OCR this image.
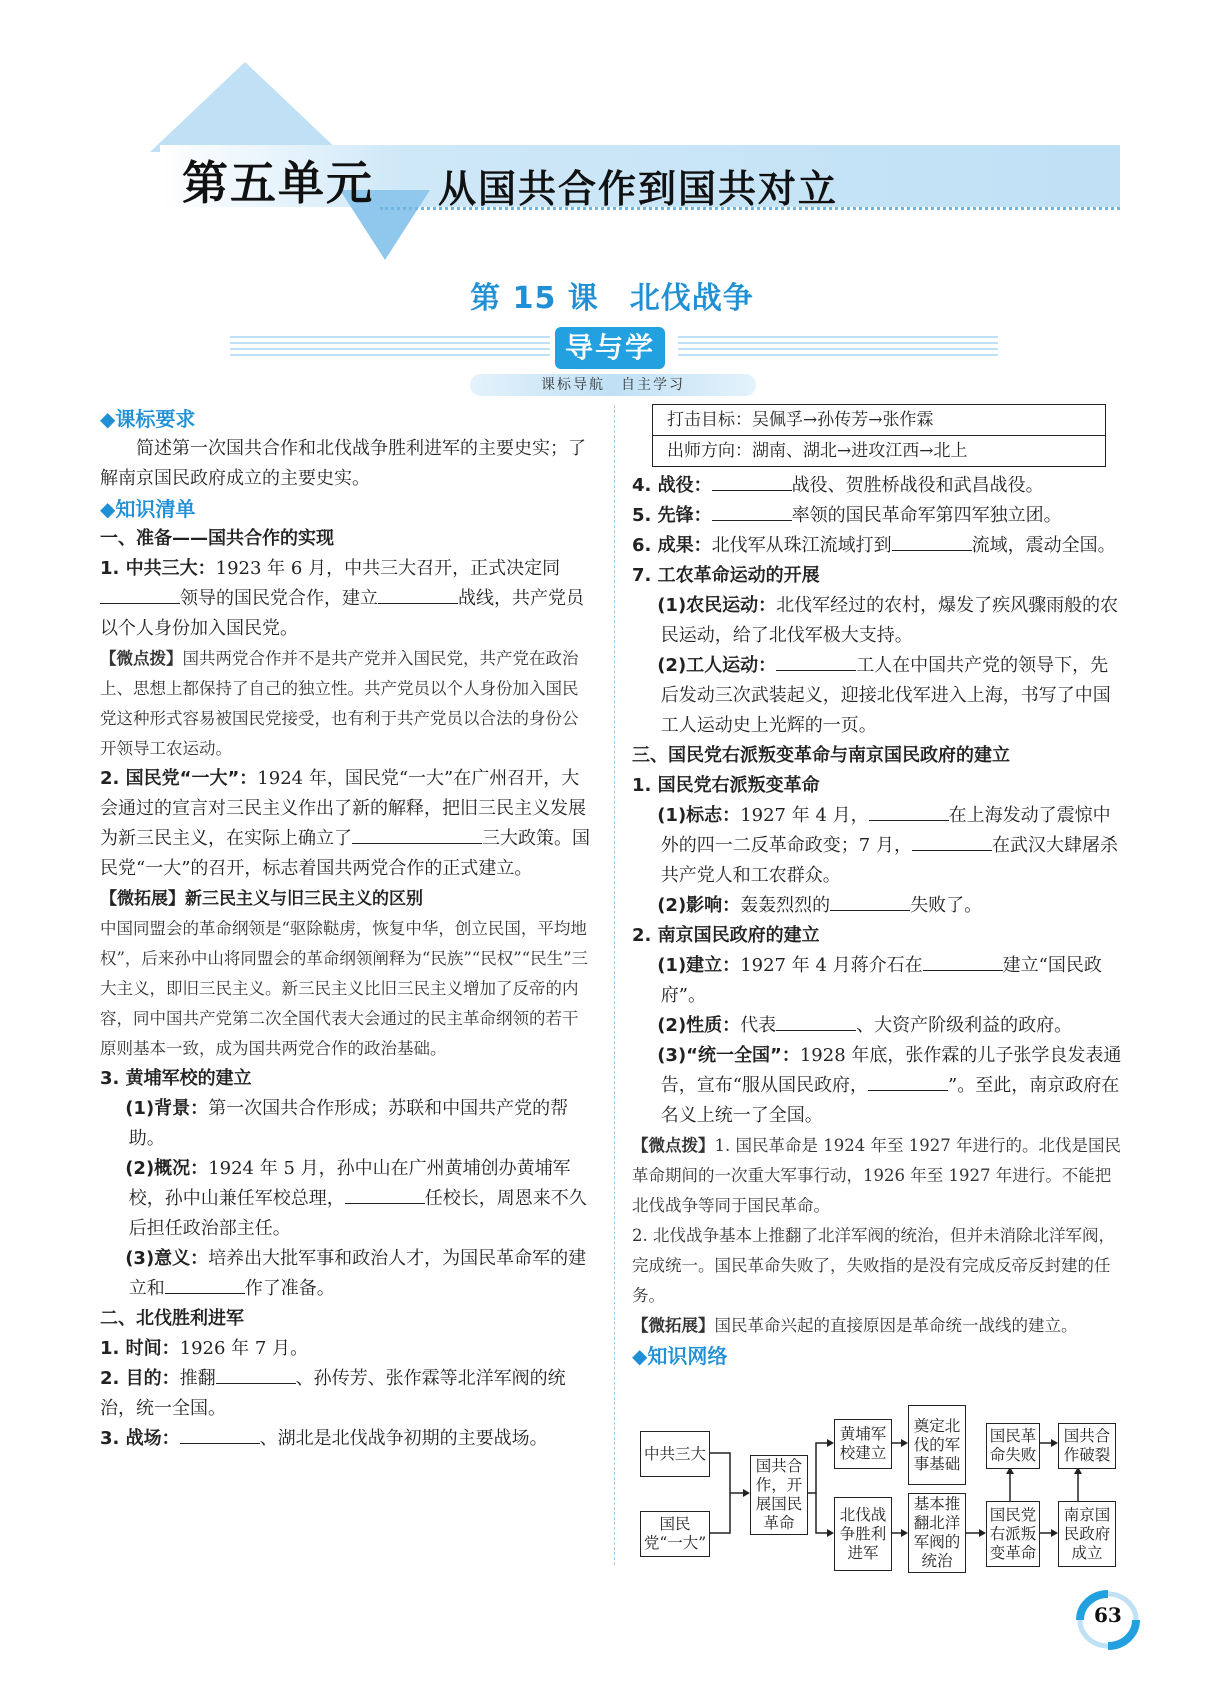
第五单元 从国共合作到国共对立
第 15 课　北伐战争
导与学
课标导航　自主学习
◆课标要求

简述第一次国共合作和北伐战争胜利进军的主要史实；了解南京国民政府成立的主要史实。

◆知识清单
一、准备——国共合作的实现

1. 中共三大：1923 年 6 月，中共三大召开，正式决定同 领导的国民党合作，建立	战线，共产党员以个人身份加入国民党。

【微点拨】国共两党合作并不是共产党并入国民党，共产党在政治上、思想上都保持了自己的独立性。共产党员以个人身份加入国民党这种形式容易被国民党接受，也有利于共产党员以合法的身份公开领导工农运动。

2. 国民党“一大”：1924 年，国民党“一大”在广州召开，大会通过的宣言对三民主义作出了新的解释，把旧三民主义发展为新三民主义，在实际上确立了	三大政策。国民党“一大”的召开，标志着国共两党合作的正式建立。

【微拓展】新三民主义与旧三民主义的区别

中国同盟会的革命纲领是“驱除鞑虏，恢复中华，创立民国，平均地权”，后来孙中山将同盟会的革命纲领阐释为“民族”“民权”“民生”三大主义，即旧三民主义。新三民主义比旧三民主义增加了反帝的内容，同中国共产党第二次全国代表大会通过的民主革命纲领的若干原则基本一致，成为国共两党合作的政治基础。

3. 黄埔军校的建立

(1)背景：第一次国共合作形成；苏联和中国共产党的帮助。

(2)概况：1924 年 5 月，孙中山在广州黄埔创办黄埔军校，孙中山兼任军校总理，	任校长，周恩来不久后担任政治部主任。

(3)意义：培养出大批军事和政治人才，为国民革命军的建立和	作了准备。

二、北伐胜利进军

1. 时间：1926 年 7 月。

2. 目的：推翻	、孙传芳、张作霖等北洋军阀的统治，统一全国。

3. 战场：	、湖北是北伐战争初期的主要战场。

打击目标：吴佩孚→孙传芳→张作霖
出师方向：湖南、湖北→进攻江西→北上

4. 战役：	战役、贺胜桥战役和武昌战役。

5. 先锋：	率领的国民革命军第四军独立团。

6. 成果：北伐军从珠江流域打到	流域，震动全国。

7. 工农革命运动的开展

(1)农民运动：北伐军经过的农村，爆发了疾风骤雨般的农民运动，给了北伐军极大支持。

(2)工人运动：	工人在中国共产党的领导下，先后发动三次武装起义，迎接北伐军进入上海，书写了中国工人运动史上光辉的一页。

三、国民党右派叛变革命与南京国民政府的建立
1. 国民党右派叛变革命

(1)标志：1927 年 4 月，	在上海发动了震惊中外的四一二反革命政变；7 月，	在武汉大肆屠杀共产党人和工农群众。

(2)影响：轰轰烈烈的	失败了。

2. 南京国民政府的建立

(1)建立：1927 年 4 月蒋介石在	建立“国民政府”。

(2)性质：代表	、大资产阶级利益的政府。

(3)“统一全国”：1928 年底，张作霖的儿子张学良发表通告，宣布“服从国民政府，	”。至此，南京政府在名义上统一了全国。

【微点拨】1. 国民革命是 1924 年至 1927 年进行的。北伐是国民革命期间的一次重大军事行动，1926 年至 1927 年进行。不能把北伐战争等同于国民革命。

2. 北伐战争基本上推翻了北洋军阀的统治，但并未消除北洋军阀，完成统一。国民革命失败了，失败指的是没有完成反帝反封建的任务。

【微拓展】国民革命兴起的直接原因是革命统一战线的建立。

◆知识网络
中共三大
国民党“一大”
国共合作，开展国民革命
黄埔军校建立
北伐战争胜利进军
奠定北伐的军事基础
基本推翻北洋军阀的统治
国民革命失败
国共合作破裂
国民党右派叛变革命
南京国民政府成立
63
